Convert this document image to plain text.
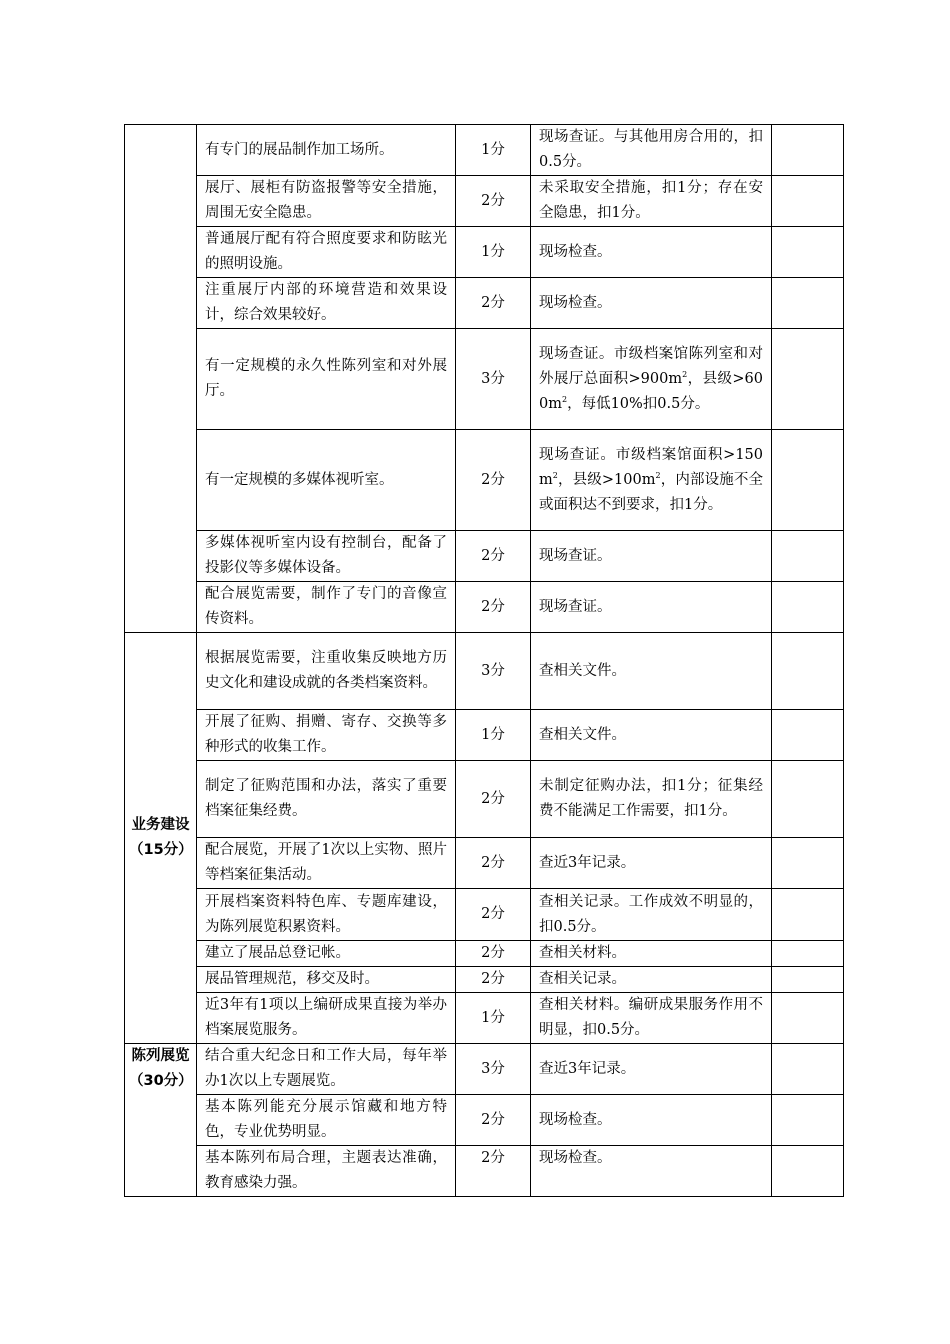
	有专门的展品制作加工场所。	1分	现场查证。与其他用房合用的，扣0.5分。	
	展厅、展柜有防盗报警等安全措施，周围无安全隐患。	2分	未采取安全措施，扣1分；存在安全隐患，扣1分。	
	普通展厅配有符合照度要求和防眩光的照明设施。	1分	现场检查。	
	注重展厅内部的环境营造和效果设计，综合效果较好。	2分	现场检查。	
	有一定规模的永久性陈列室和对外展厅。	3分	现场查证。市级档案馆陈列室和对外展厅总面积$>900m^2$，县级$>600m^2$，每低10%扣0.5分。	
	有一定规模的多媒体视听室。	2分	现场查证。市级档案馆面积$>150m^2$，县级$>100m^2$，内部设施不全或面积达不到要求，扣1分。	
	多媒体视听室内设有控制台，配备了投影仪等多媒体设备。	2分	现场查证。	
	配合展览需要，制作了专门的音像宣传资料。	2分	现场查证。	
业务建设（15分）	根据展览需要，注重收集反映地方历史文化和建设成就的各类档案资料。	3分	查相关文件。	
	开展了征购、捐赠、寄存、交换等多种形式的收集工作。	1分	查相关文件。	
	制定了征购范围和办法，落实了重要档案征集经费。	2分	未制定征购办法，扣1分；征集经费不能满足工作需要，扣1分。	
	配合展览，开展了1次以上实物、照片等档案征集活动。	2分	查近3年记录。	
	开展档案资料特色库、专题库建设，为陈列展览积累资料。	2分	查相关记录。工作成效不明显的，扣0.5分。	
	建立了展品总登记帐。	2分	查相关材料。	
	展品管理规范，移交及时。	2分	查相关记录。	
	近3年有1项以上编研成果直接为举办档案展览服务。	1分	查相关材料。编研成果服务作用不明显，扣0.5分。	
陈列展览（30分）	结合重大纪念日和工作大局，每年举办1次以上专题展览。	3分	查近3年记录。	
	基本陈列能充分展示馆藏和地方特色，专业优势明显。	2分	现场检查。	
	基本陈列布局合理，主题表达准确，教育感染力强。	2分	现场检查。	
